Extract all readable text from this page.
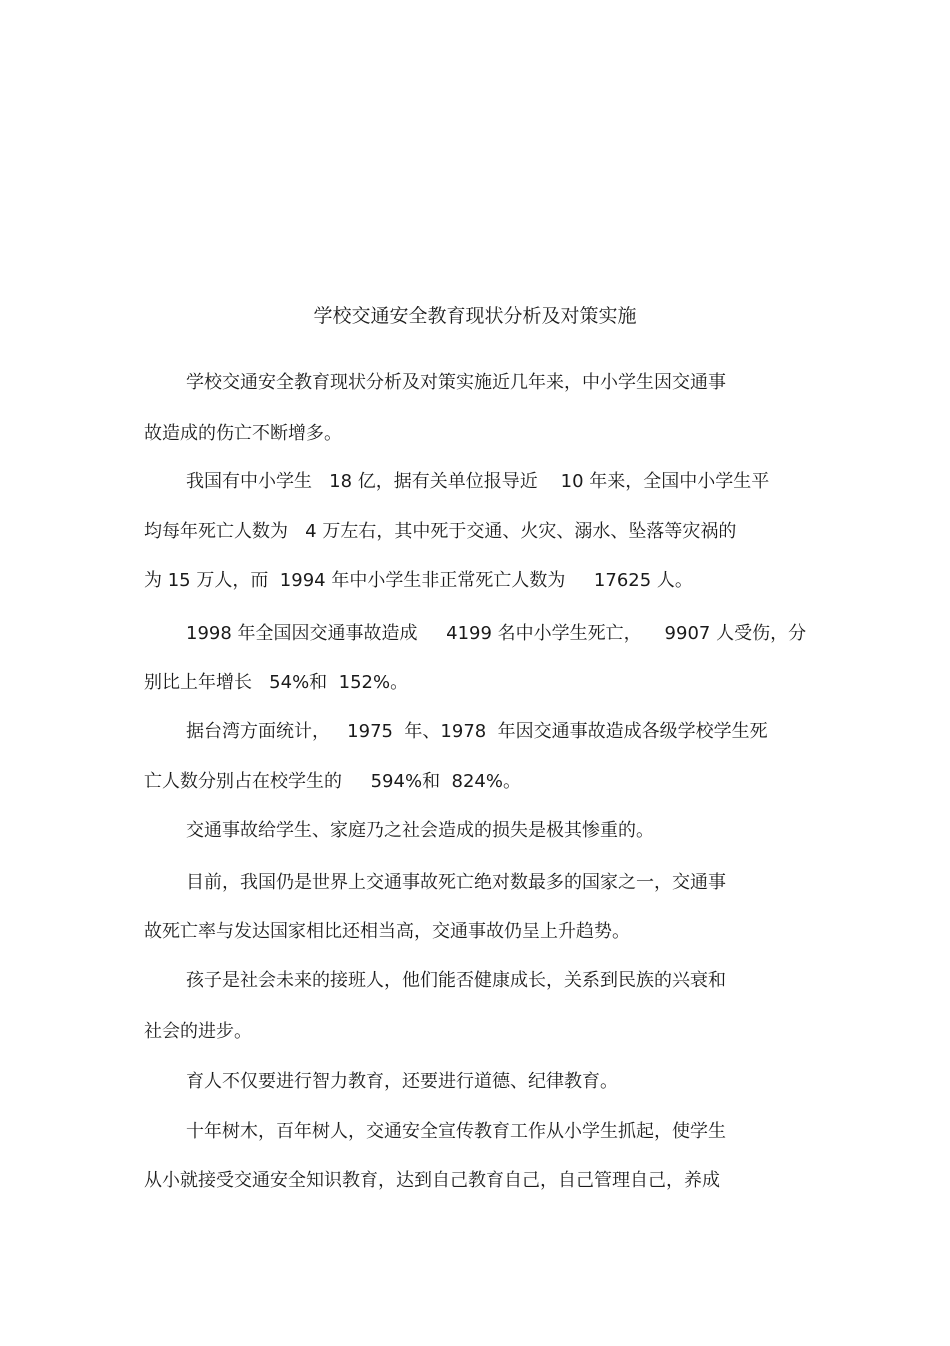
学校交通安全教育现状分析及对策实施
学校交通安全教育现状分析及对策实施近几年来，中小学生因交通事
故造成的伤亡不断增多。
我国有中小学生   18 亿，据有关单位报导近    10 年来，全国中小学生平
均每年死亡人数为   4 万左右，其中死于交通、火灾、溺水、坠落等灾祸的
为 15 万人，而  1994 年中小学生非正常死亡人数为     17625 人。
1998 年全国因交通事故造成     4199 名中小学生死亡，    9907 人受伤，分
别比上年增长   54%和  152%。
据台湾方面统计，   1975  年、1978  年因交通事故造成各级学校学生死
亡人数分别占在校学生的     594%和  824%。
交通事故给学生、家庭乃之社会造成的损失是极其惨重的。
目前，我国仍是世界上交通事故死亡绝对数最多的国家之一，交通事
故死亡率与发达国家相比还相当高，交通事故仍呈上升趋势。
孩子是社会未来的接班人，他们能否健康成长，关系到民族的兴衰和
社会的进步。
育人不仅要进行智力教育，还要进行道德、纪律教育。
十年树木，百年树人，交通安全宣传教育工作从小学生抓起，使学生
从小就接受交通安全知识教育，达到自己教育自己，自己管理自己，养成
